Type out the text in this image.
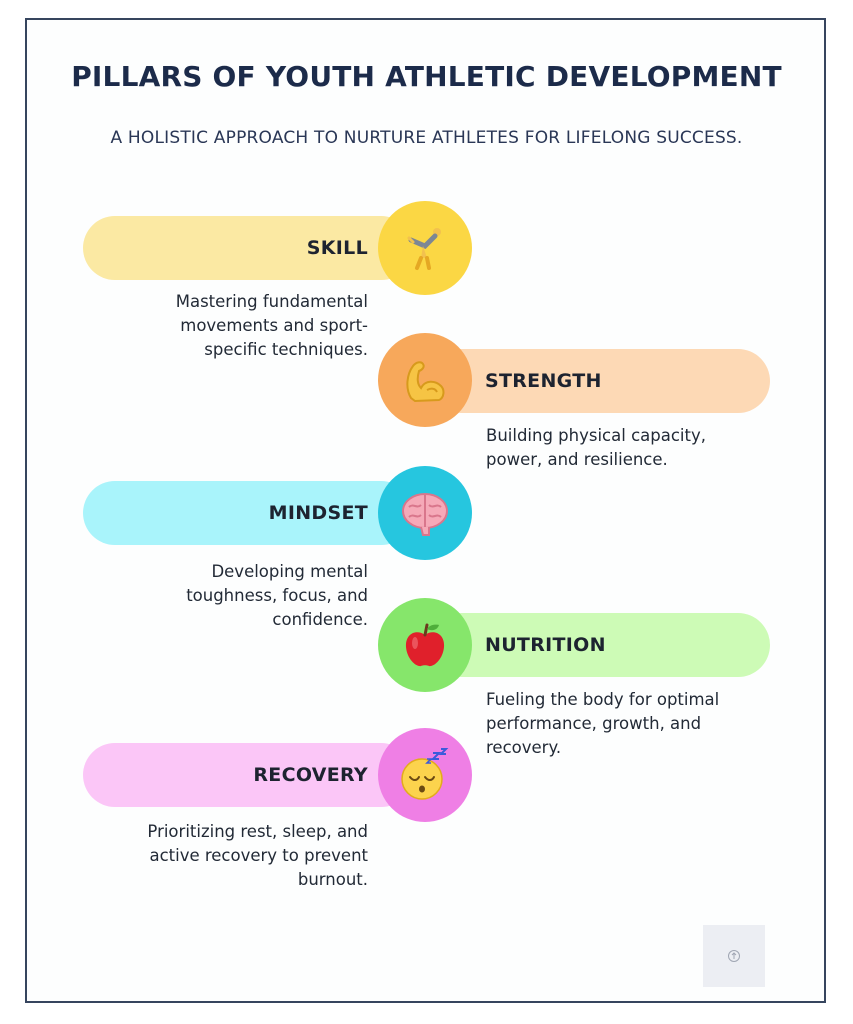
PILLARS OF YOUTH ATHLETIC DEVELOPMENT
A HOLISTIC APPROACH TO NURTURE ATHLETES FOR LIFELONG SUCCESS.
SKILL
Mastering fundamental movements and sport-specific techniques.
STRENGTH
Building physical capacity, power, and resilience.
MINDSET
Developing mental toughness, focus, and confidence.
NUTRITION
Fueling the body for optimal performance, growth, and recovery.
RECOVERY
Prioritizing rest, sleep, and active recovery to prevent burnout.
